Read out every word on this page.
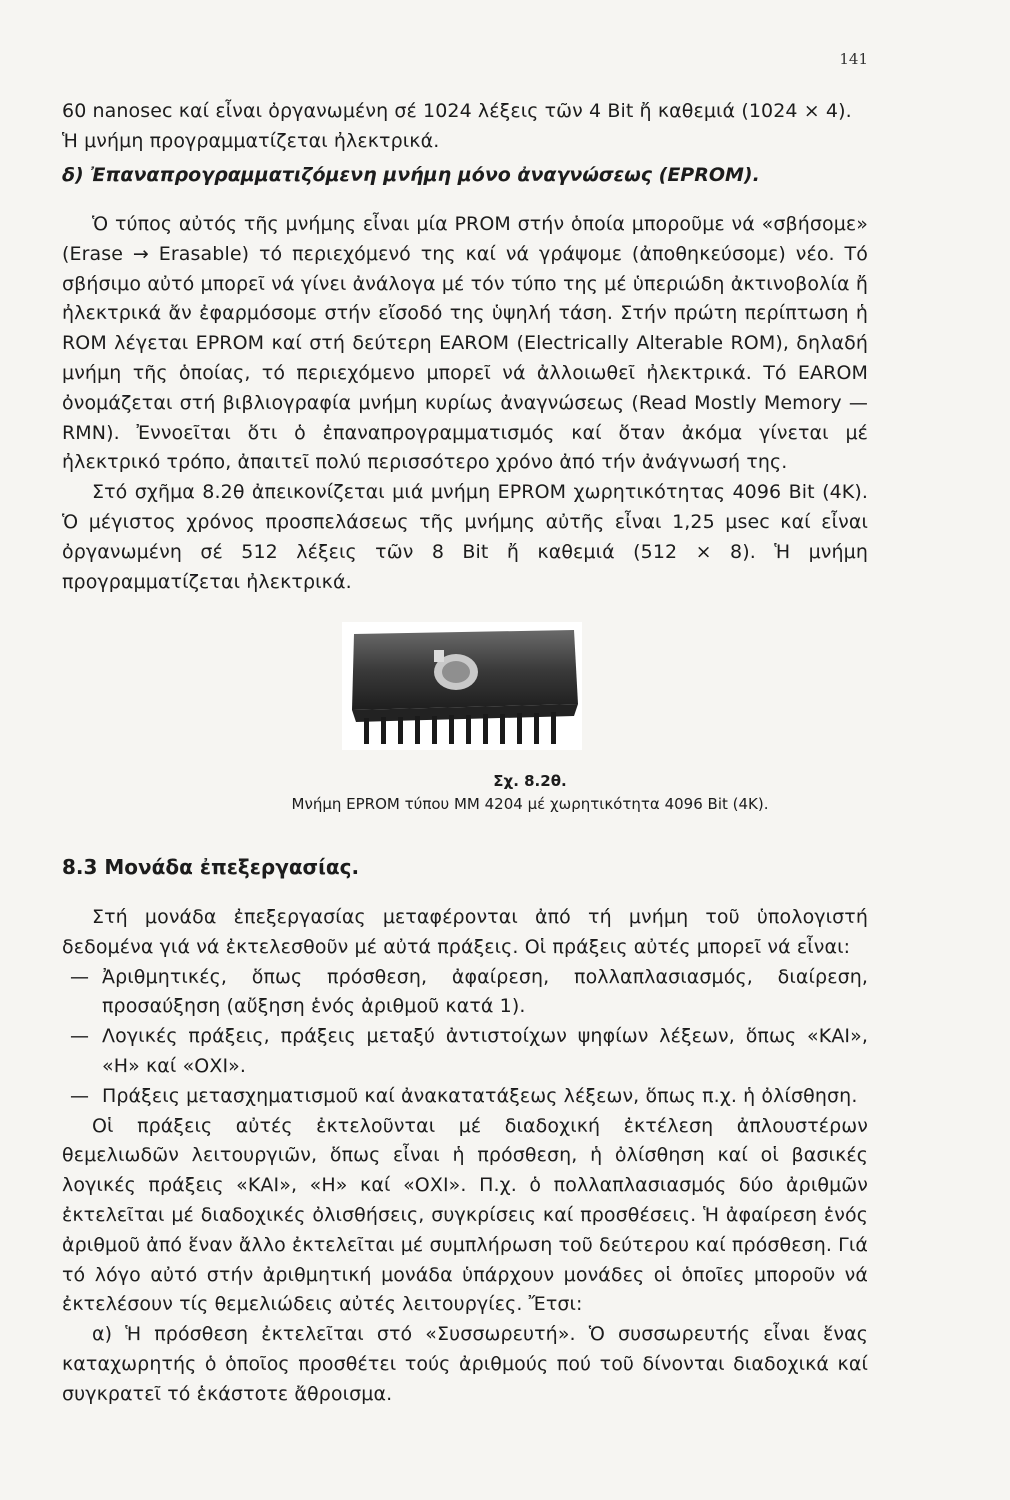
141

60 nanosec καί εἶναι ὀργανωμένη σέ 1024 λέξεις τῶν 4 Bit ἤ καθεμιά (1024 × 4).

Ἡ μνήμη προγραμματίζεται ἠλεκτρικά.

δ) Ἐπαναπρογραμματιζόμενη μνήμη μόνο ἀναγνώσεως (EPROM).

Ὁ τύπος αὐτός τῆς μνήμης εἶναι μία PROM στήν ὁποία μποροῦμε νά «σβήσομε» (Erase → Erasable) τό περιεχόμενό της καί νά γράψομε (ἀποθηκεύσομε) νέο. Τό σβήσιμο αὐτό μπορεῖ νά γίνει ἀνάλογα μέ τόν τύπο της μέ ὑπεριώδη ἀκτινοβολία ἤ ἠλεκτρικά ἄν ἐφαρμόσομε στήν εἴσοδό της ὑψηλή τάση. Στήν πρώτη περίπτωση ἡ ROM λέγεται EPROM καί στή δεύτερη EAROM (Electrically Alterable ROM), δηλαδή μνήμη τῆς ὁποίας, τό περιεχόμενο μπορεῖ νά ἀλλοιωθεῖ ἠλεκτρικά. Τό EAROM ὀνομάζεται στή βιβλιογραφία μνήμη κυρίως ἀναγνώσεως (Read Mostly Memory — RMN). Ἐννοεῖται ὅτι ὁ ἐπαναπρογραμματισμός καί ὅταν ἀκόμα γίνεται μέ ἠλεκτρικό τρόπο, ἀπαιτεῖ πολύ περισσότερο χρόνο ἀπό τήν ἀνάγνωσή της.

Στό σχῆμα 8.2θ ἀπεικονίζεται μιά μνήμη EPROM χωρητικότητας 4096 Bit (4K). Ὁ μέγιστος χρόνος προσπελάσεως τῆς μνήμης αὐτῆς εἶναι 1,25 μsec καί εἶναι ὀργανωμένη σέ 512 λέξεις τῶν 8 Bit ἤ καθεμιά (512 × 8). Ἡ μνήμη προγραμματίζεται ἠλεκτρικά.

Σχ. 8.2θ.
Μνήμη EPROM τύπου MM 4204 μέ χωρητικότητα 4096 Bit (4K).

8.3 Μονάδα ἐπεξεργασίας.

Στή μονάδα ἐπεξεργασίας μεταφέρονται ἀπό τή μνήμη τοῦ ὑπολογιστή δεδομένα γιά νά ἐκτελεσθοῦν μέ αὐτά πράξεις. Οἱ πράξεις αὐτές μπορεῖ νά εἶναι:

— Ἀριθμητικές, ὅπως πρόσθεση, ἀφαίρεση, πολλαπλασιασμός, διαίρεση, προσαύξηση (αὔξηση ἑνός ἀριθμοῦ κατά 1).
— Λογικές πράξεις, πράξεις μεταξύ ἀντιστοίχων ψηφίων λέξεων, ὅπως «ΚΑΙ», «Η» καί «ΟΧΙ».
— Πράξεις μετασχηματισμοῦ καί ἀνακατατάξεως λέξεων, ὅπως π.χ. ἡ ὀλίσθηση.

Οἱ πράξεις αὐτές ἐκτελοῦνται μέ διαδοχική ἐκτέλεση ἀπλουστέρων θεμελιωδῶν λειτουργιῶν, ὅπως εἶναι ἡ πρόσθεση, ἡ ὀλίσθηση καί οἱ βασικές λογικές πράξεις «ΚΑΙ», «Η» καί «ΟΧΙ». Π.χ. ὁ πολλαπλασιασμός δύο ἀριθμῶν ἐκτελεῖται μέ διαδοχικές ὀλισθήσεις, συγκρίσεις καί προσθέσεις. Ἡ ἀφαίρεση ἑνός ἀριθμοῦ ἀπό ἕναν ἄλλο ἐκτελεῖται μέ συμπλήρωση τοῦ δεύτερου καί πρόσθεση. Γιά τό λόγο αὐτό στήν ἀριθμητική μονάδα ὑπάρχουν μονάδες οἱ ὁποῖες μποροῦν νά ἐκτελέσουν τίς θεμελιώδεις αὐτές λειτουργίες. Ἔτσι:

α) Ἡ πρόσθεση ἐκτελεῖται στό «Συσσωρευτή». Ὁ συσσωρευτής εἶναι ἕνας καταχωρητής ὁ ὁποῖος προσθέτει τούς ἀριθμούς πού τοῦ δίνονται διαδοχικά καί συγκρατεῖ τό ἑκάστοτε ἄθροισμα.
